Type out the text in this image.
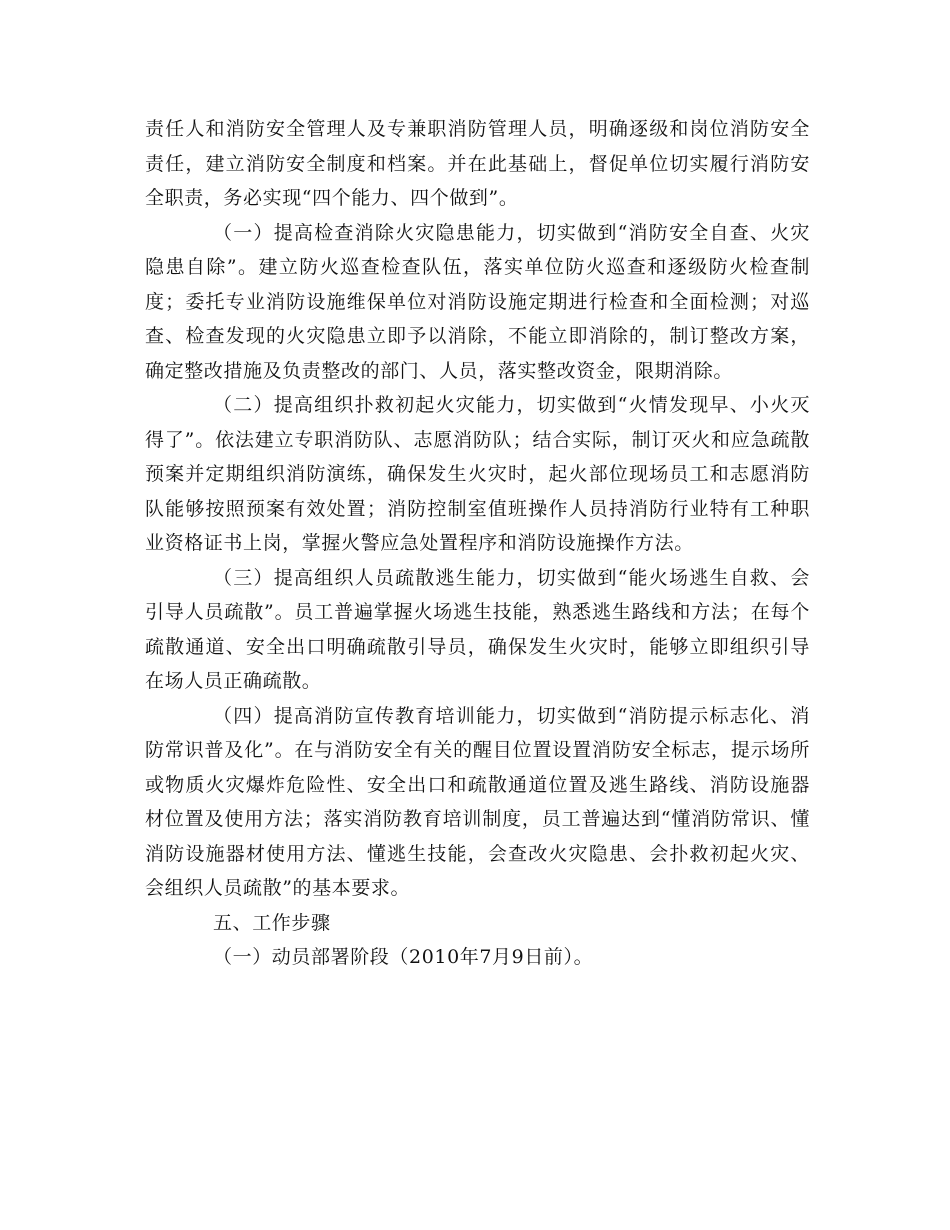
责任人和消防安全管理人及专兼职消防管理人员，明确逐级和岗位消防安全责任，建立消防安全制度和档案。并在此基础上，督促单位切实履行消防安全职责，务必实现“四个能力、四个做到”。

（一）提高检查消除火灾隐患能力，切实做到“消防安全自查、火灾隐患自除”。建立防火巡查检查队伍，落实单位防火巡查和逐级防火检查制度；委托专业消防设施维保单位对消防设施定期进行检查和全面检测；对巡查、检查发现的火灾隐患立即予以消除，不能立即消除的，制订整改方案，确定整改措施及负责整改的部门、人员，落实整改资金，限期消除。

（二）提高组织扑救初起火灾能力，切实做到“火情发现早、小火灭得了”。依法建立专职消防队、志愿消防队；结合实际，制订灭火和应急疏散预案并定期组织消防演练，确保发生火灾时，起火部位现场员工和志愿消防队能够按照预案有效处置；消防控制室值班操作人员持消防行业特有工种职业资格证书上岗，掌握火警应急处置程序和消防设施操作方法。

（三）提高组织人员疏散逃生能力，切实做到“能火场逃生自救、会引导人员疏散”。员工普遍掌握火场逃生技能，熟悉逃生路线和方法；在每个疏散通道、安全出口明确疏散引导员，确保发生火灾时，能够立即组织引导在场人员正确疏散。

（四）提高消防宣传教育培训能力，切实做到“消防提示标志化、消防常识普及化”。在与消防安全有关的醒目位置设置消防安全标志，提示场所或物质火灾爆炸危险性、安全出口和疏散通道位置及逃生路线、消防设施器材位置及使用方法；落实消防教育培训制度，员工普遍达到“懂消防常识、懂消防设施器材使用方法、懂逃生技能，会查改火灾隐患、会扑救初起火灾、会组织人员疏散”的基本要求。

五、工作步骤

（一）动员部署阶段（2010年7月9日前）。
